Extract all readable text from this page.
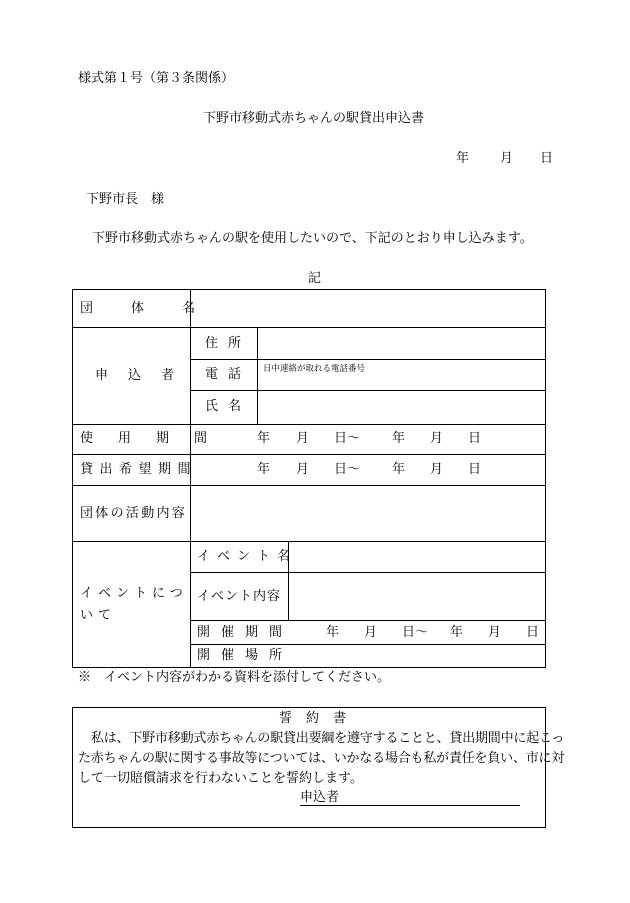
様式第１号（第３条関係）
下野市移動式赤ちゃんの駅貸出申込書
年 月 日
下野市長　様
下野市移動式赤ちゃんの駅を使用したいので、下記のとおり申し込みます。
記
団体名
申込者
住所
電話 日中連絡が取れる電話番号
氏名
使用期間 年 月 日～ 年 月 日
貸出希望期間	年 月 日～ 年 月 日
団体の活動内容
イベントについて
イベント名
イベント内容
開催期間	年 月 日～ 年 月 日
開催場所
※　イベント内容がわかる資料を添付してください。
誓約書
私は、下野市移動式赤ちゃんの駅貸出要綱を遵守することと、貸出期間中に起こっ
た赤ちゃんの駅に関する事故等については、いかなる場合も私が責任を負い、市に対
して一切賠償請求を行わないことを誓約します。
申込者
